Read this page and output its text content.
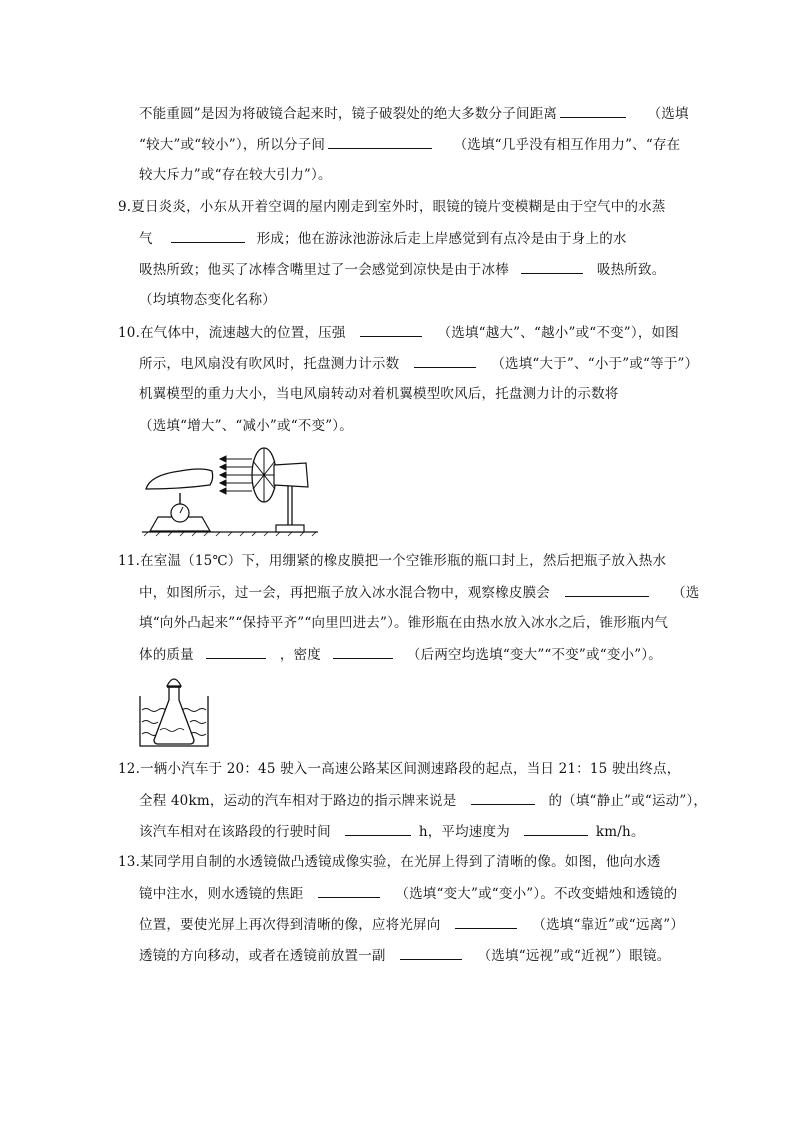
不能重圆”是因为将破镜合起来时，镜子破裂处的绝大多数分子间距离	（选填
“较大”或“较小”），所以分子间	（选填“几乎没有相互作用力”、“存在
较大斥力”或“存在较大引力”）。
9.夏日炎炎，小东从开着空调的屋内刚走到室外时，眼镜的镜片变模糊是由于空气中的水蒸
气	形成；他在游泳池游泳后走上岸感觉到有点冷是由于身上的水
吸热所致；他买了冰棒含嘴里过了一会感觉到凉快是由于冰棒	吸热所致。
（均填物态变化名称）
10.在气体中，流速越大的位置，压强	（选填“越大”、“越小”或“不变”），如图
所示，电风扇没有吹风时，托盘测力计示数	（选填“大于”、“小于”或“等于”）
机翼模型的重力大小，当电风扇转动对着机翼模型吹风后，托盘测力计的示数将
（选填“增大”、“减小”或“不变”）。
11.在室温（15℃）下，用绷紧的橡皮膜把一个空锥形瓶的瓶口封上，然后把瓶子放入热水
中，如图所示，过一会，再把瓶子放入冰水混合物中，观察橡皮膜会	（选
填“向外凸起来”“保持平齐”“向里凹进去”）。锥形瓶在由热水放入冰水之后，锥形瓶内气
体的质量	，密度	（后两空均选填“变大”“不变”或“变小”）。
12.一辆小汽车于 20：45 驶入一高速公路某区间测速路段的起点，当日 21：15 驶出终点，
全程 40km，运动的汽车相对于路边的指示牌来说是	的（填“静止”或“运动”），
该汽车相对在该路段的行驶时间	h，平均速度为	km/h。
13.某同学用自制的水透镜做凸透镜成像实验，在光屏上得到了清晰的像。如图，他向水透
镜中注水，则水透镜的焦距	（选填“变大”或“变小”）。不改变蜡烛和透镜的
位置，要使光屏上再次得到清晰的像，应将光屏向	（选填“靠近”或“远离”）
透镜的方向移动，或者在透镜前放置一副	（选填“远视”或“近视”）眼镜。
